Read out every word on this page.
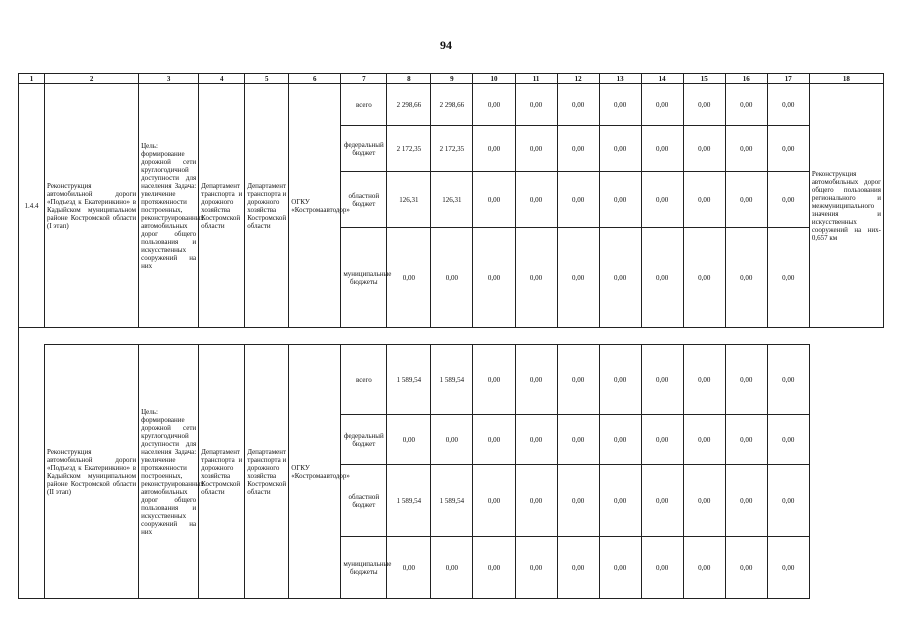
94
1	2	3	4	5	6	7	8	9	10	11	12	13	14	15	16	17	18
1.4.4	Реконструкция автомобильной дороги «Подъезд к Екатеринкино» в Кадыйском муниципальном районе Костромской области (I этап)	Цель: формирование дорожной сети круглогодичной доступности для населения Задача: увеличение протяженности построенных, реконструированных автомобильных дорог общего пользования и искусственных сооружений на них	Департамент транспорта и дорожного хозяйства Костромской области	Департамент транспорта и дорожного хозяйства Костромской области	ОГКУ «Костромаавтодор»	всего	2 298,66	2 298,66	0,00	0,00	0,00	0,00	0,00	0,00	0,00	0,00	Реконструкция автомобильных дорог общего пользования регионального и межмуниципального значения и искусственных сооружений на них- 0,657 км
						федеральный бюджет	2 172,35	2 172,35	0,00	0,00	0,00	0,00	0,00	0,00	0,00	0,00	
						областной бюджет	126,31	126,31	0,00	0,00	0,00	0,00	0,00	0,00	0,00	0,00	
						муниципальные бюджеты	0,00	0,00	0,00	0,00	0,00	0,00	0,00	0,00	0,00	0,00	

	Реконструкция автомобильной дороги «Подъезд к Екатеринкино» в Кадыйском муниципальном районе Костромской области (II этап)	Цель: формирование дорожной сети круглогодичной доступности для населения Задача: увеличение протяженности построенных, реконструированных автомобильных дорог общего пользования и искусственных сооружений на них	Департамент транспорта и дорожного хозяйства Костромской области	Департамент транспорта и дорожного хозяйства Костромской области	ОГКУ «Костромаавтодор»	всего	1 589,54	1 589,54	0,00	0,00	0,00	0,00	0,00	0,00	0,00	0,00	
						федеральный бюджет	0,00	0,00	0,00	0,00	0,00	0,00	0,00	0,00	0,00	0,00	
						областной бюджет	1 589,54	1 589,54	0,00	0,00	0,00	0,00	0,00	0,00	0,00	0,00	
						муниципальные бюджеты	0,00	0,00	0,00	0,00	0,00	0,00	0,00	0,00	0,00	0,00	
